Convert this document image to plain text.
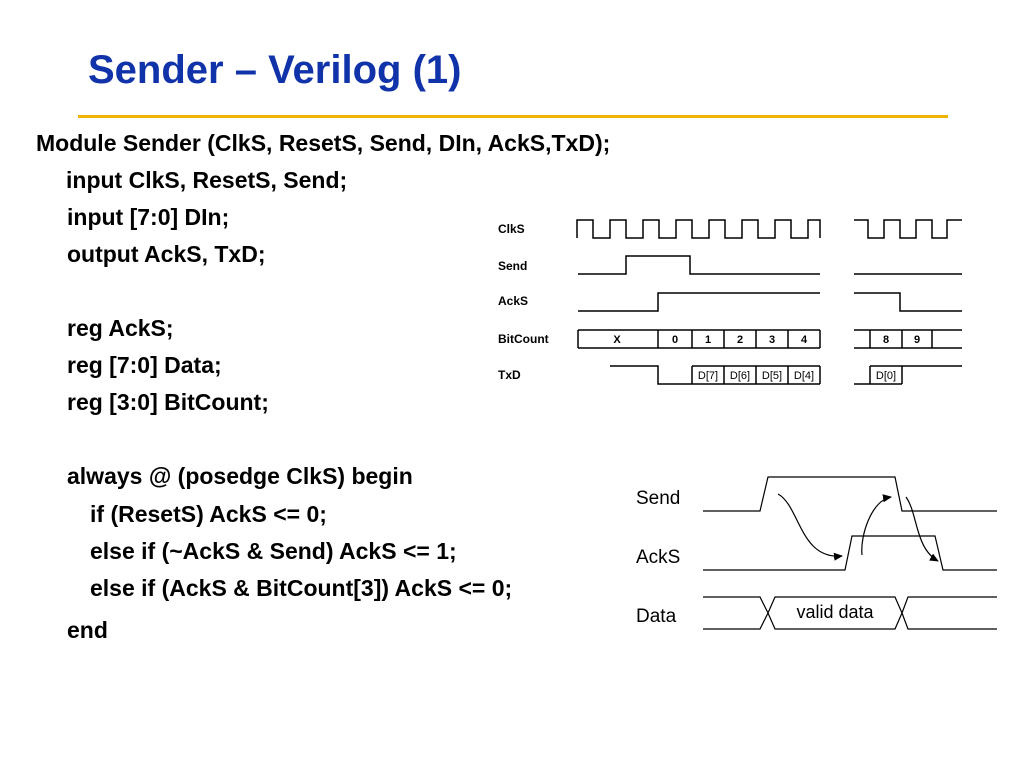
Sender – Verilog (1)

Module Sender (ClkS, ResetS, Send, DIn, AckS,TxD);

input ClkS, ResetS, Send;

input [7:0] DIn;

output AckS, TxD;

reg AckS;

reg [7:0] Data;

reg [3:0] BitCount;

always @ (posedge ClkS) begin

if (ResetS) AckS <= 0;

else if (~AckS & Send) AckS <= 1;

else if (AckS & BitCount[3]) AckS <= 0;

end

ClkS
Send
AckS
BitCount
TxD
X	0 1 2 3 4	8 9
D[7] D[6] D[5] D[4]	D[0]
Send
AckS
Data	valid data
